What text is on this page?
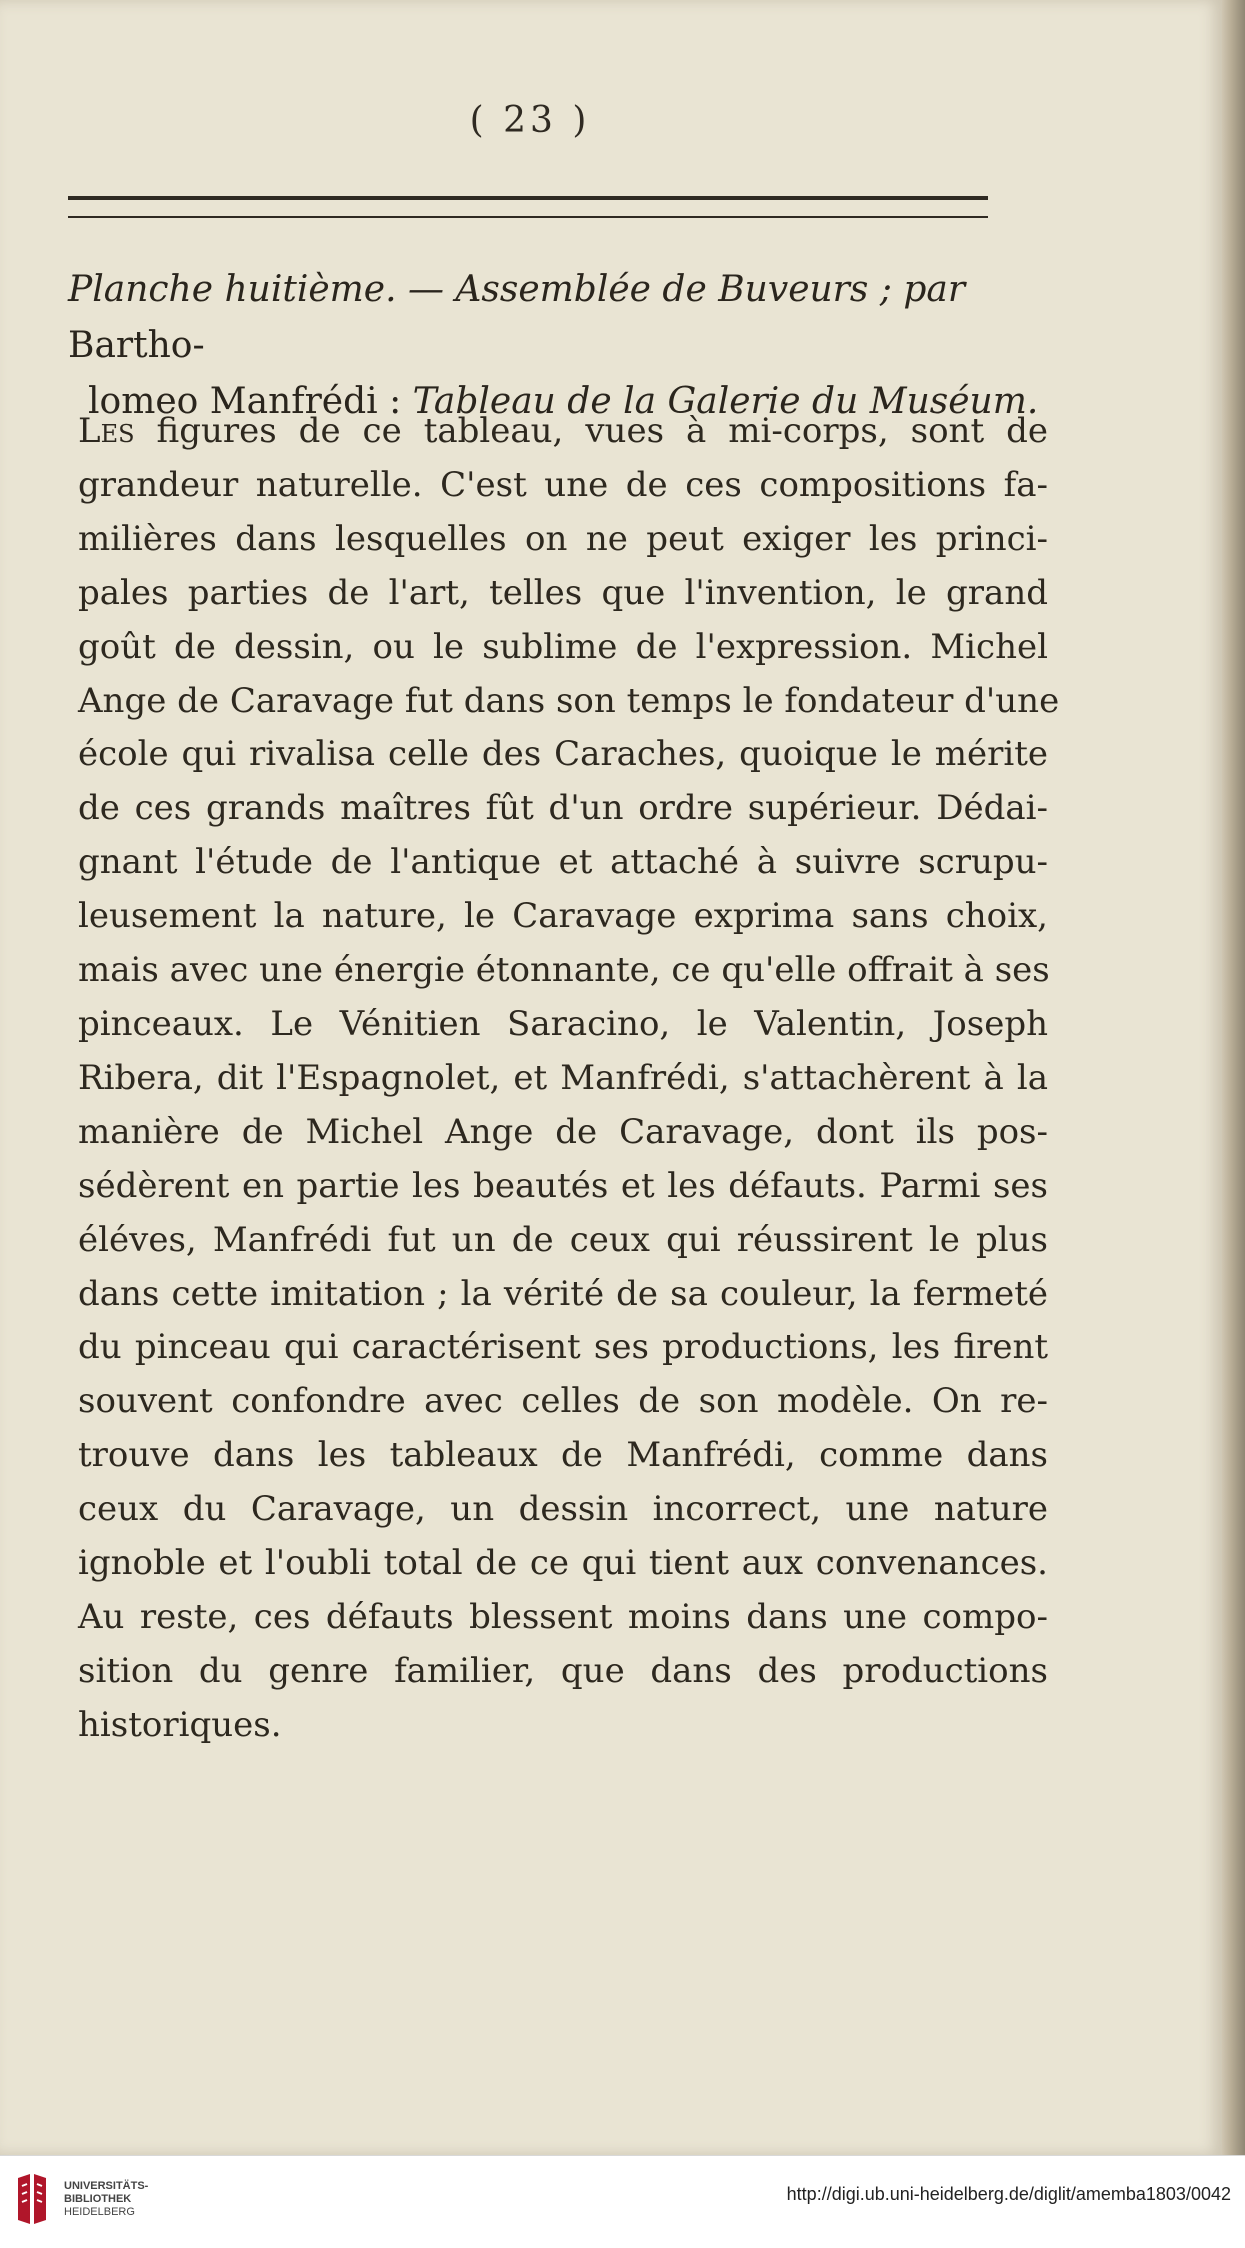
( 23 )
Planche huitième. — Assemblée de Buveurs ; par Bartho-
lomeo Manfrédi : Tableau de la Galerie du Muséum.
Les figures de ce tableau, vues à mi-corps, sont de
grandeur naturelle. C'est une de ces compositions fa-
milières dans lesquelles on ne peut exiger les princi-
pales parties de l'art, telles que l'invention, le grand
goût de dessin, ou le sublime de l'expression. Michel
Ange de Caravage fut dans son temps le fondateur d'une
école qui rivalisa celle des Caraches, quoique le mérite
de ces grands maîtres fût d'un ordre supérieur. Dédai-
gnant l'étude de l'antique et attaché à suivre scrupu-
leusement la nature, le Caravage exprima sans choix,
mais avec une énergie étonnante, ce qu'elle offrait à ses
pinceaux. Le Vénitien Saracino, le Valentin, Joseph
Ribera, dit l'Espagnolet, et Manfrédi, s'attachèrent à la
manière de Michel Ange de Caravage, dont ils pos-
sédèrent en partie les beautés et les défauts. Parmi ses
éléves, Manfrédi fut un de ceux qui réussirent le plus
dans cette imitation ; la vérité de sa couleur, la fermeté
du pinceau qui caractérisent ses productions, les firent
souvent confondre avec celles de son modèle. On re-
trouve dans les tableaux de Manfrédi, comme dans
ceux du Caravage, un dessin incorrect, une nature
ignoble et l'oubli total de ce qui tient aux convenances.
Au reste, ces défauts blessent moins dans une compo-
sition du genre familier, que dans des productions
historiques.
UNIVERSITÄTS-
BIBLIOTHEK
HEIDELBERG
http://digi.ub.uni-heidelberg.de/diglit/amemba1803/0042
